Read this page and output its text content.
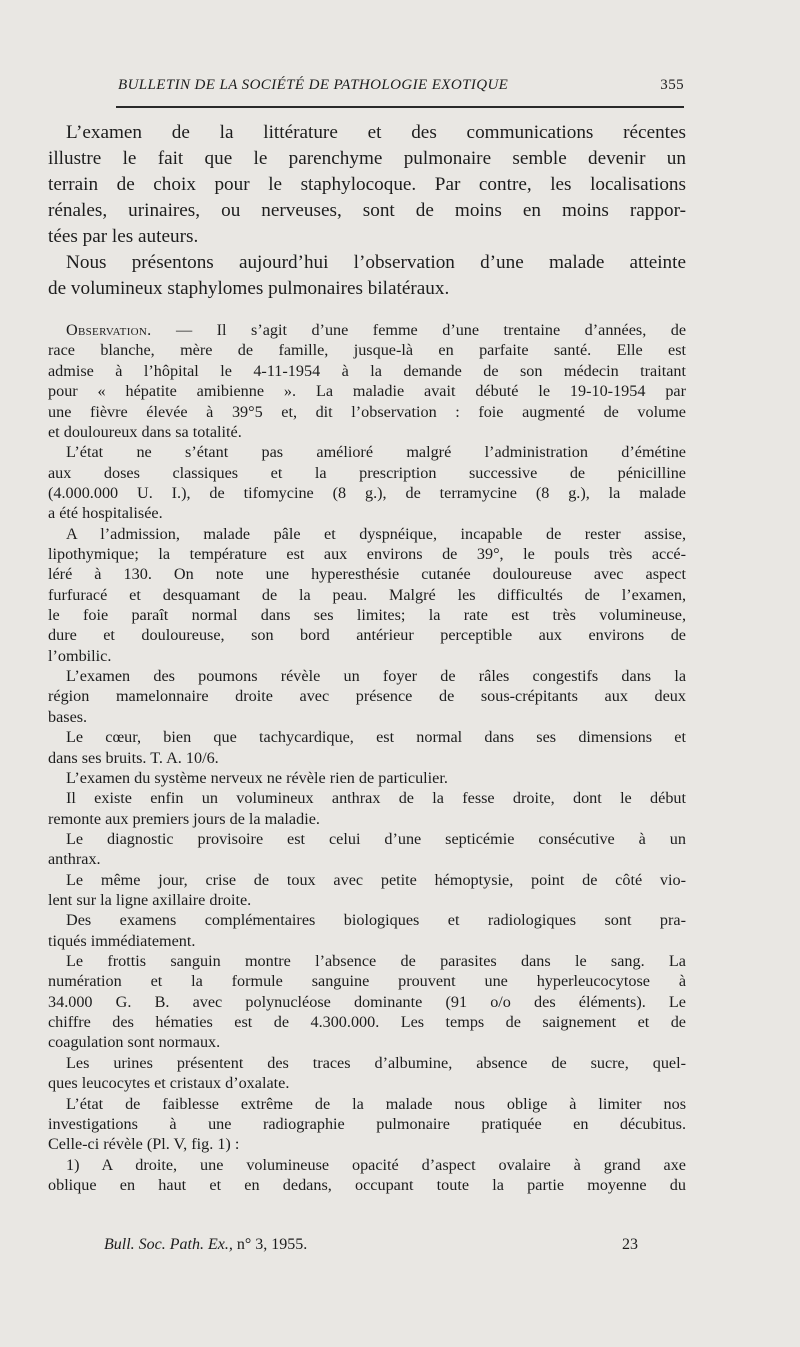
BULLETIN DE LA SOCIÉTÉ DE PATHOLOGIE EXOTIQUE	355

L’examen de la littérature et des communications récentes

illustre le fait que le parenchyme pulmonaire semble devenir un

terrain de choix pour le staphylocoque. Par contre, les localisations

rénales, urinaires, ou nerveuses, sont de moins en moins rappor-

tées par les auteurs.

Nous présentons aujourd’hui l’observation d’une malade atteinte

de volumineux staphylomes pulmonaires bilatéraux.

Observation. — Il s’agit d’une femme d’une trentaine d’années, de

race blanche, mère de famille, jusque-là en parfaite santé. Elle est

admise à l’hôpital le 4-11-1954 à la demande de son médecin traitant

pour « hépatite amibienne ». La maladie avait débuté le 19-10-1954 par

une fièvre élevée à 39°5 et, dit l’observation : foie augmenté de volume

et douloureux dans sa totalité.

L’état ne s’étant pas amélioré malgré l’administration d’émétine

aux doses classiques et la prescription successive de pénicilline

(4.000.000 U. I.), de tifomycine (8 g.), de terramycine (8 g.), la malade

a été hospitalisée.

A l’admission, malade pâle et dyspnéique, incapable de rester assise,

lipothymique; la température est aux environs de 39°, le pouls très accé-

léré à 130. On note une hyperesthésie cutanée douloureuse avec aspect

furfuracé et desquamant de la peau. Malgré les difficultés de l’examen,

le foie paraît normal dans ses limites; la rate est très volumineuse,

dure et douloureuse, son bord antérieur perceptible aux environs de

l’ombilic.

L’examen des poumons révèle un foyer de râles congestifs dans la

région mamelonnaire droite avec présence de sous-crépitants aux deux

bases.

Le cœur, bien que tachycardique, est normal dans ses dimensions et

dans ses bruits. T. A. 10/6.

L’examen du système nerveux ne révèle rien de particulier.

Il existe enfin un volumineux anthrax de la fesse droite, dont le début

remonte aux premiers jours de la maladie.

Le diagnostic provisoire est celui d’une septicémie consécutive à un

anthrax.

Le même jour, crise de toux avec petite hémoptysie, point de côté vio-

lent sur la ligne axillaire droite.

Des examens complémentaires biologiques et radiologiques sont pra-

tiqués immédiatement.

Le frottis sanguin montre l’absence de parasites dans le sang. La

numération et la formule sanguine prouvent une hyperleucocytose à

34.000 G. B. avec polynucléose dominante (91 o/o des éléments). Le

chiffre des hématies est de 4.300.000. Les temps de saignement et de

coagulation sont normaux.

Les urines présentent des traces d’albumine, absence de sucre, quel-

ques leucocytes et cristaux d’oxalate.

L’état de faiblesse extrême de la malade nous oblige à limiter nos

investigations à une radiographie pulmonaire pratiquée en décubitus.

Celle-ci révèle (Pl. V, fig. 1) :

1) A droite, une volumineuse opacité d’aspect ovalaire à grand axe

oblique en haut et en dedans, occupant toute la partie moyenne du

Bull. Soc. Path. Ex., n° 3, 1955.	23
